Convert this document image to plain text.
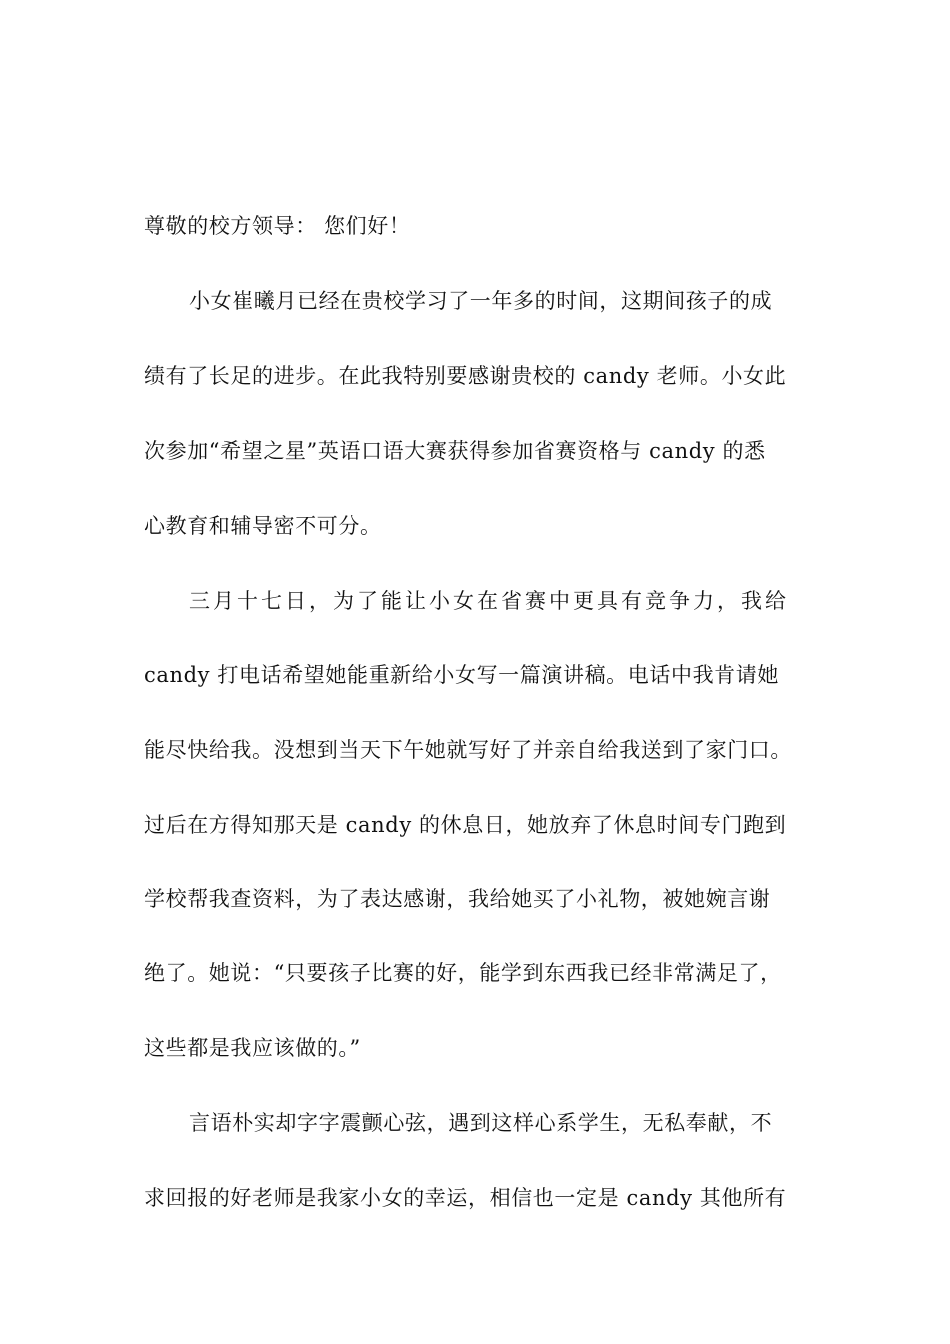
尊敬的校方领导： 您们好！
小女崔曦月已经在贵校学习了一年多的时间，这期间孩子的成
绩有了长足的进步。在此我特别要感谢贵校的 candy 老师。小女此
次参加“希望之星”英语口语大赛获得参加省赛资格与 candy 的悉
心教育和辅导密不可分。
三月十七日，为了能让小女在省赛中更具有竞争力，我给
candy 打电话希望她能重新给小女写一篇演讲稿。电话中我肯请她
能尽快给我。没想到当天下午她就写好了并亲自给我送到了家门口。
过后在方得知那天是 candy 的休息日，她放弃了休息时间专门跑到
学校帮我查资料，为了表达感谢，我给她买了小礼物，被她婉言谢
绝了。她说：“只要孩子比赛的好，能学到东西我已经非常满足了，
这些都是我应该做的。”
言语朴实却字字震颤心弦，遇到这样心系学生，无私奉献，不
求回报的好老师是我家小女的幸运，相信也一定是 candy 其他所有
